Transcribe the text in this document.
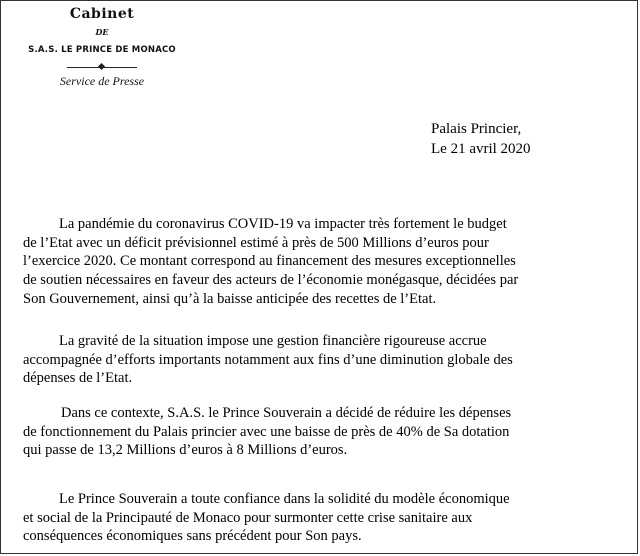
Cabinet
DE
S.A.S. LE PRINCE DE MONACO
Service de Presse
Palais Princier,
Le 21 avril 2020
La pandémie du coronavirus COVID-19 va impacter très fortement le budget
de l’Etat avec un déficit prévisionnel estimé à près de 500 Millions d’euros pour
l’exercice 2020. Ce montant correspond au financement des mesures exceptionnelles
de soutien nécessaires en faveur des acteurs de l’économie monégasque, décidées par
Son Gouvernement, ainsi qu’à la baisse anticipée des recettes de l’Etat.
La gravité de la situation impose une gestion financière rigoureuse accrue
accompagnée d’efforts importants notamment aux fins d’une diminution globale des
dépenses de l’Etat.
Dans ce contexte, S.A.S. le Prince Souverain a décidé de réduire les dépenses
de fonctionnement du Palais princier avec une baisse de près de 40% de Sa dotation
qui passe de 13,2 Millions d’euros à 8 Millions d’euros.
Le Prince Souverain a toute confiance dans la solidité du modèle économique
et social de la Principauté de Monaco pour surmonter cette crise sanitaire aux
conséquences économiques sans précédent pour Son pays.
